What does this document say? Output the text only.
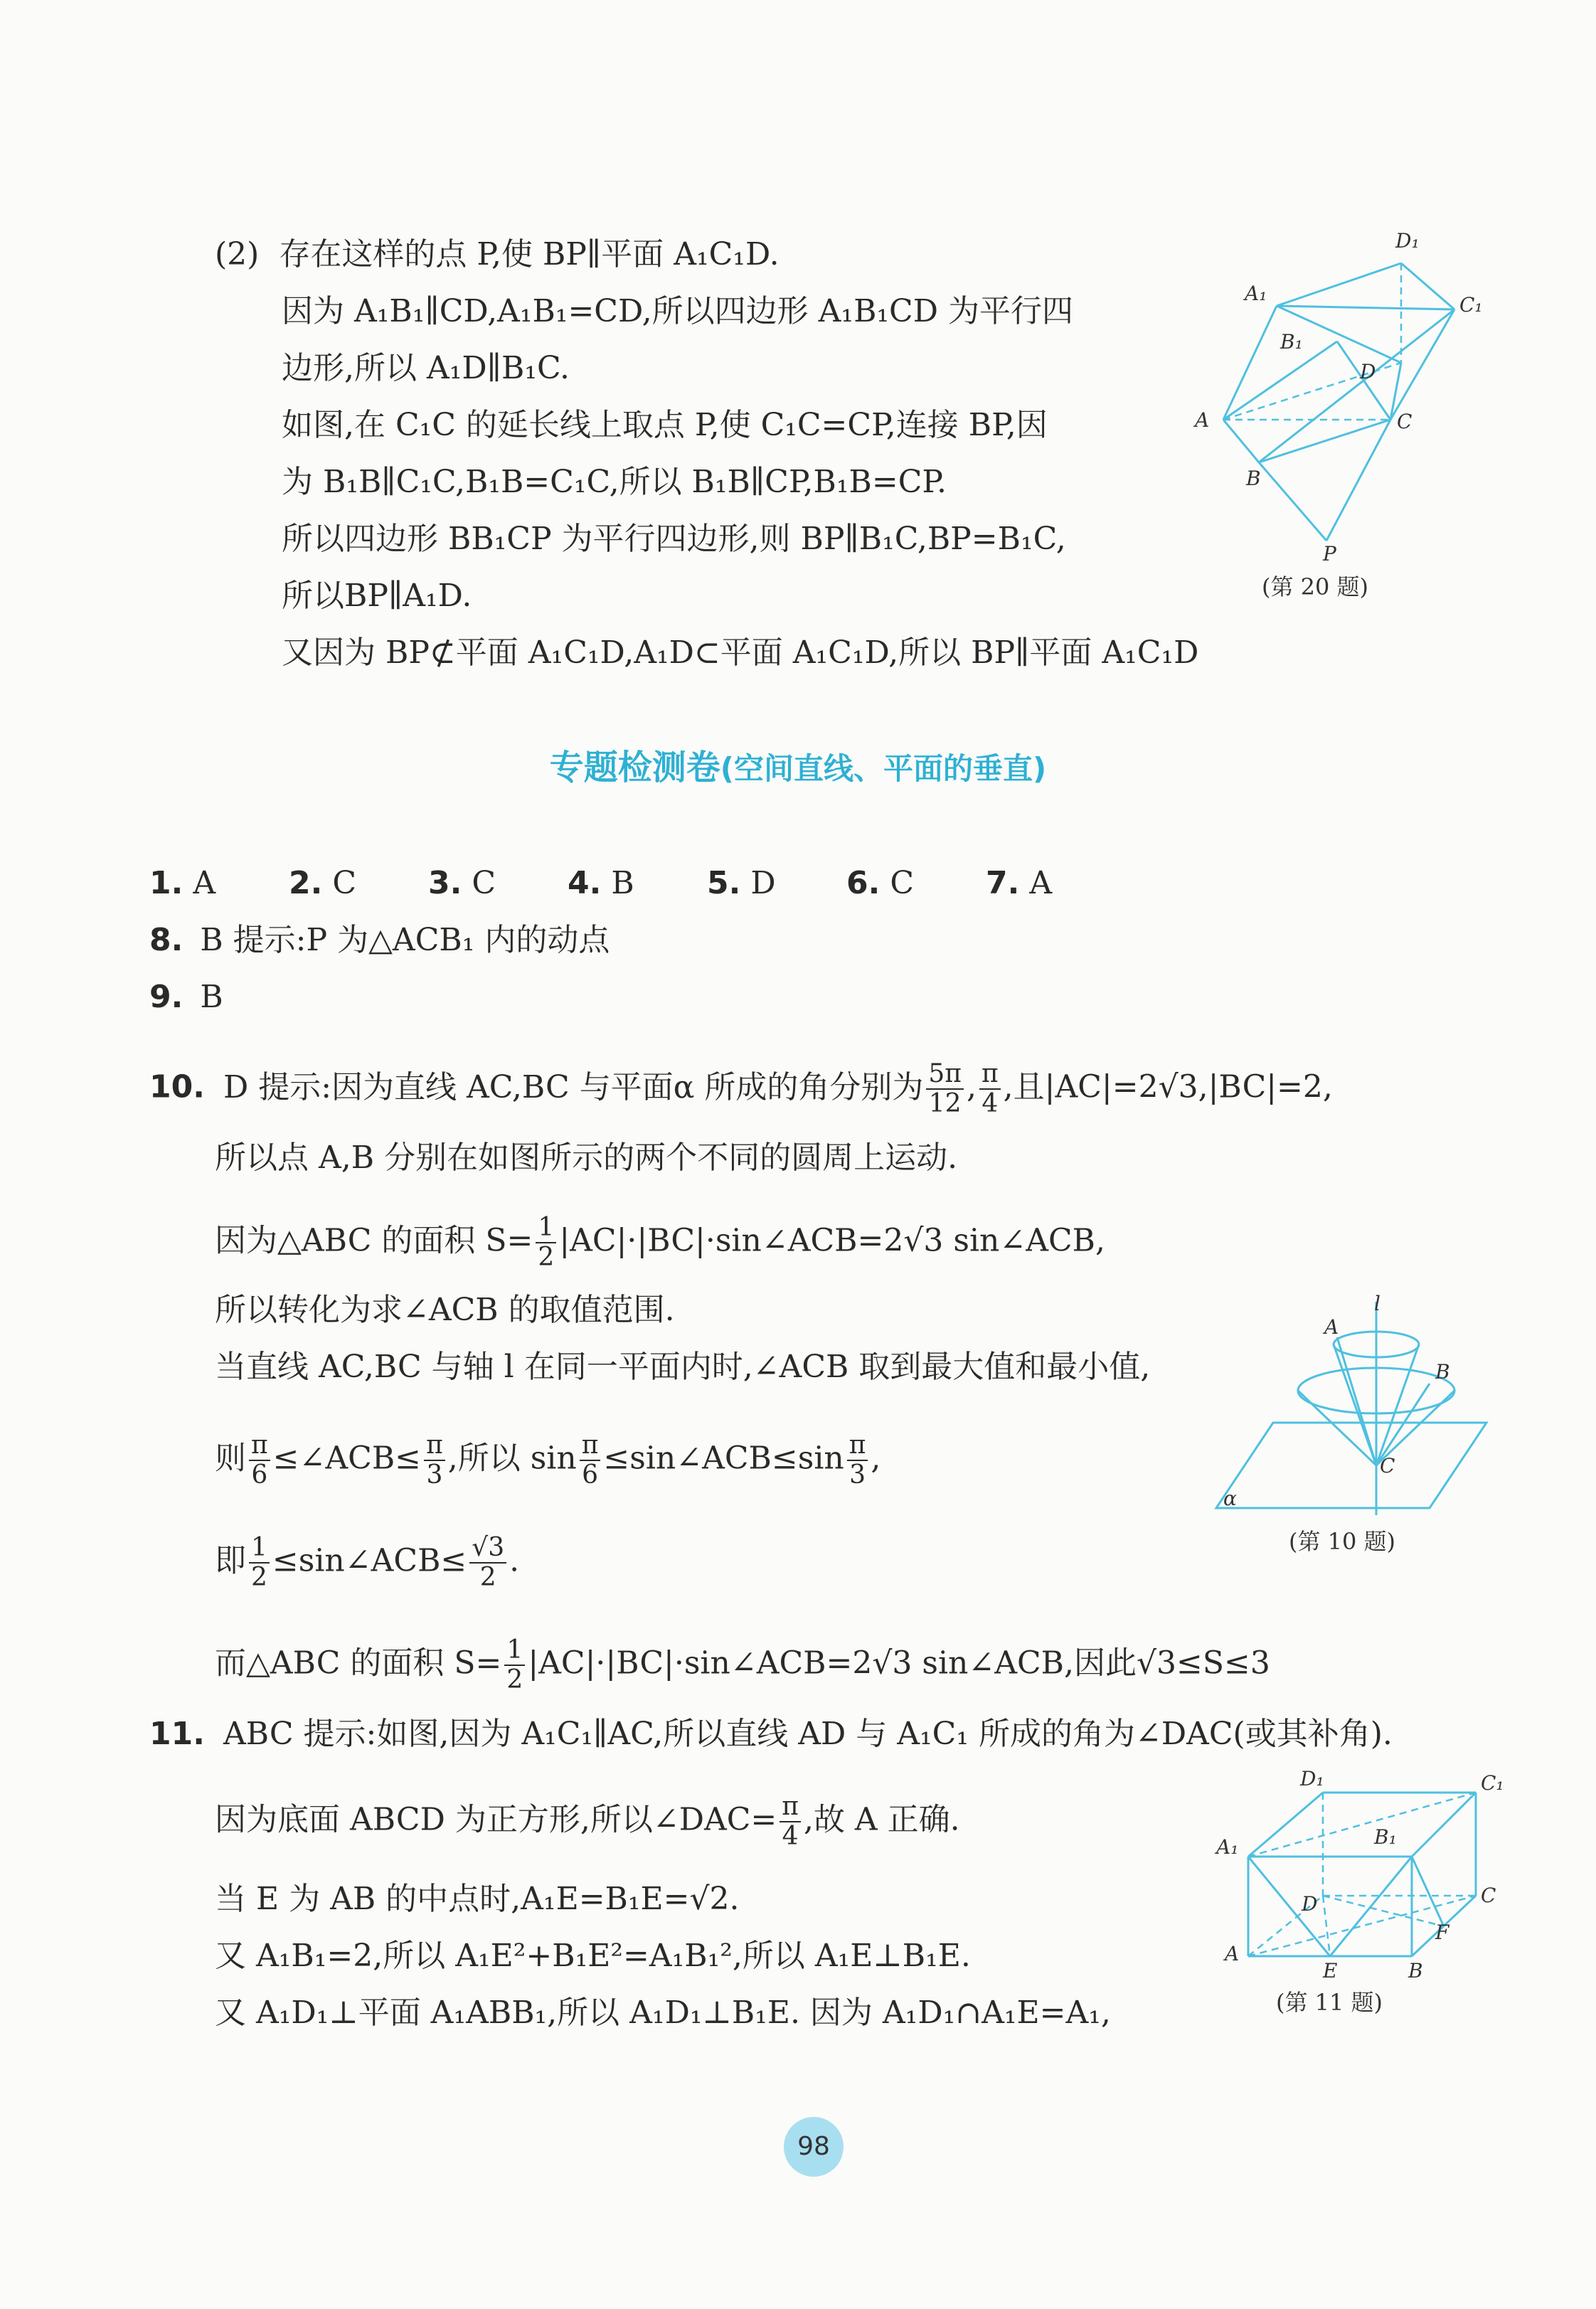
(2) 存在这样的点 P,使 BP∥平面 A₁C₁D.
因为 A₁B₁∥CD,A₁B₁=CD,所以四边形 A₁B₁CD 为平行四
边形,所以 A₁D∥B₁C.
如图,在 C₁C 的延长线上取点 P,使 C₁C=CP,连接 BP,因
为 B₁B∥C₁C,B₁B=C₁C,所以 B₁B∥CP,B₁B=CP.
所以四边形 BB₁CP 为平行四边形,则 BP∥B₁C,BP=B₁C,
所以BP∥A₁D.
又因为 BP⊄平面 A₁C₁D,A₁D⊂平面 A₁C₁D,所以 BP∥平面 A₁C₁D
D₁
A₁	C₁
B₁
D
A	C
B
P
(第 20 题)
专题检测卷(空间直线、平面的垂直)
1. A 2. C 3. C 4. B 5. D 6. C 7. A
8. B 提示:P 为△ACB₁ 内的动点
9. B
10. D 提示:因为直线 AC,BC 与平面α 所成的角分别为 $\frac{5\pi}{12}$ , $\frac{\pi}{4}$ ,且|AC|=2√3,|BC|=2,
所以点 A,B 分别在如图所示的两个不同的圆周上运动.
因为△ABC 的面积 $S= \frac{1}{2}$ |AC|·|BC|·sin∠ACB=2√3 sin∠ACB,
所以转化为求∠ACB 的取值范围.
当直线 AC,BC 与轴 l 在同一平面内时,∠ACB 取到最大值和最小值,
则 $\frac{\pi}{6}$ ≤∠ACB≤ $\frac{\pi}{3}$ ,所以 $\sin \frac{\pi}{6}$ ≤sin∠ACB≤sin $\frac{\pi}{3}$ ,
即 $\frac{1}{2}$ ≤sin∠ACB≤ $\frac{√3}{2}$ .
而△ABC 的面积 $S= \frac{1}{2}$ |AC|·|BC|·sin∠ACB=2√3 sin∠ACB,因此√3≤S≤3
l
A
B
C
α
(第 10 题)
11. ABC 提示:如图,因为 A₁C₁∥AC,所以直线 AD 与 A₁C₁ 所成的角为∠DAC(或其补角).
因为底面 ABCD 为正方形,所以∠DAC= $\frac{\pi}{4}$ ,故 A 正确.
当 E 为 AB 的中点时,A₁E=B₁E=√2.
又 A₁B₁=2,所以 A₁E²+B₁E²=A₁B₁²,所以 A₁E⊥B₁E.
又 A₁D₁⊥平面 A₁ABB₁,所以 A₁D₁⊥B₁E. 因为 A₁D₁∩A₁E=A₁,
D₁	C₁
B₁
A₁
C
D
F
A
E	B
(第 11 题)
98
